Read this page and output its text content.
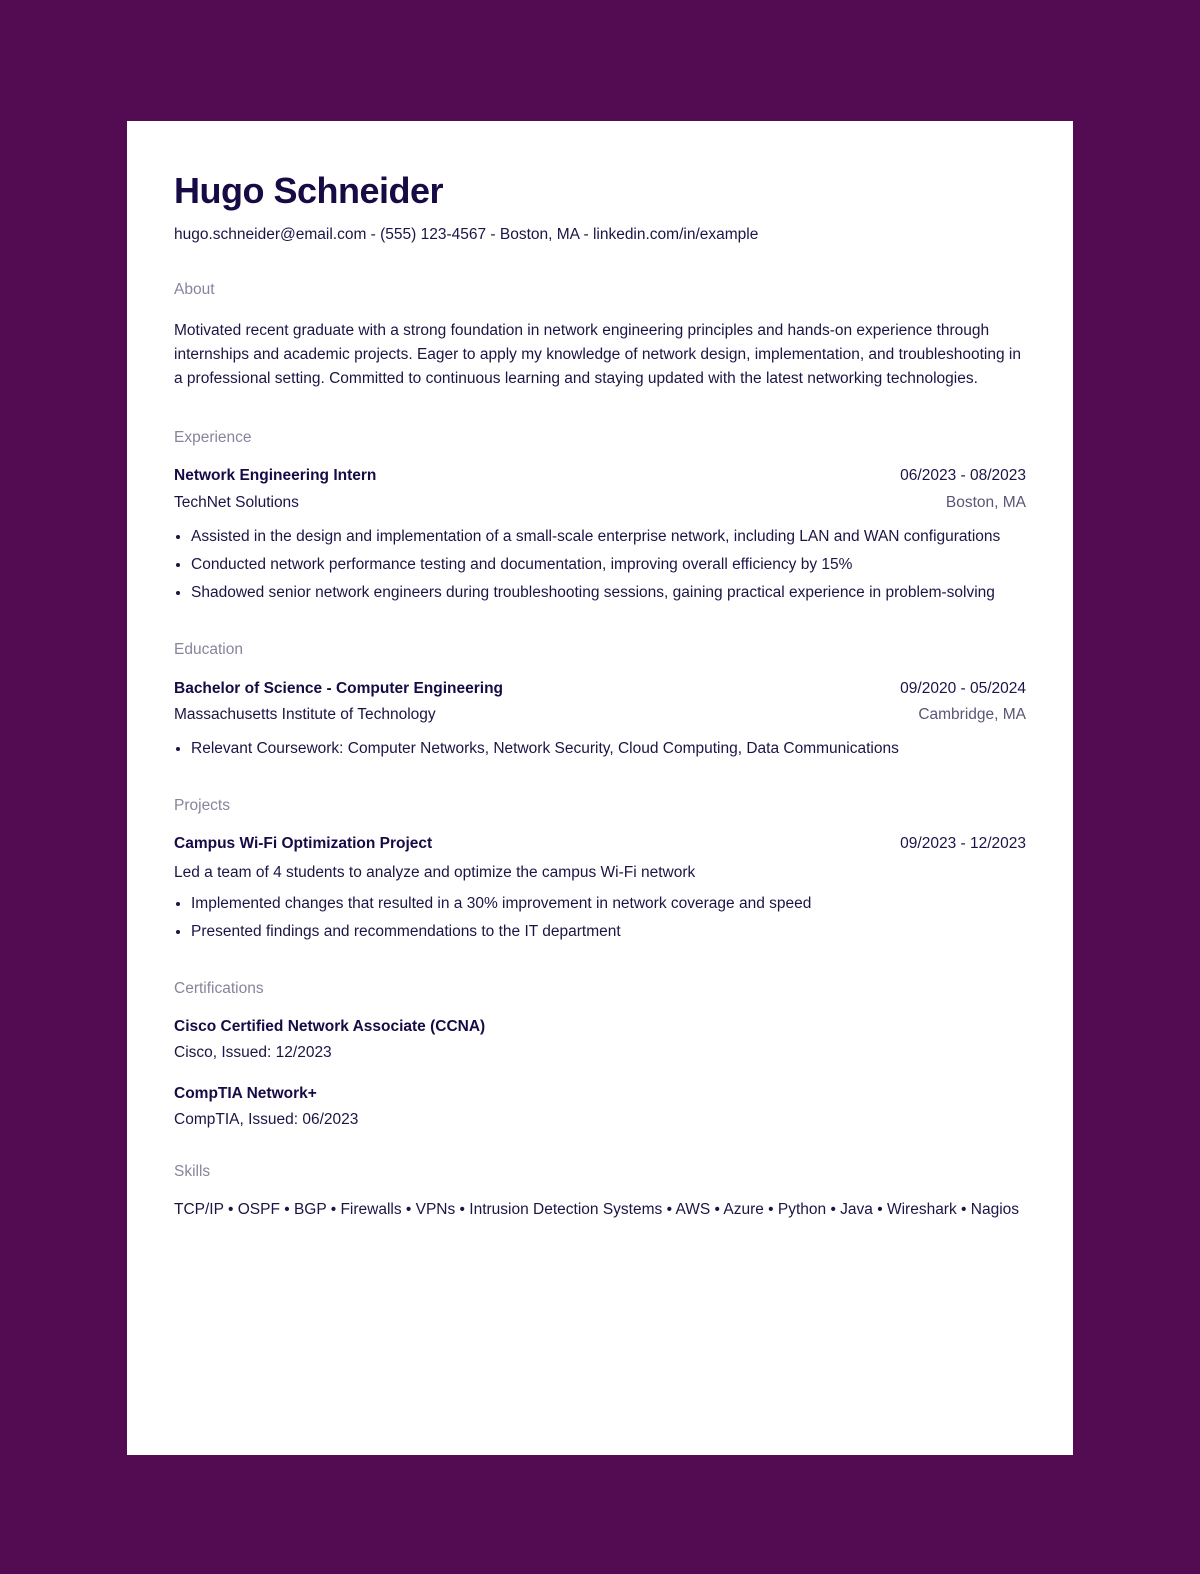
Hugo Schneider
hugo.schneider@email.com - (555) 123-4567 - Boston, MA - linkedin.com/in/example
About
Motivated recent graduate with a strong foundation in network engineering principles and hands-on experience through internships and academic projects. Eager to apply my knowledge of network design, implementation, and troubleshooting in a professional setting. Committed to continuous learning and staying updated with the latest networking technologies.
Experience
Network Engineering Intern	06/2023 - 08/2023
TechNet Solutions	Boston, MA
• Assisted in the design and implementation of a small-scale enterprise network, including LAN and WAN configurations
• Conducted network performance testing and documentation, improving overall efficiency by 15%
• Shadowed senior network engineers during troubleshooting sessions, gaining practical experience in problem-solving
Education
Bachelor of Science - Computer Engineering	09/2020 - 05/2024
Massachusetts Institute of Technology	Cambridge, MA
• Relevant Coursework: Computer Networks, Network Security, Cloud Computing, Data Communications
Projects
Campus Wi-Fi Optimization Project	09/2023 - 12/2023
Led a team of 4 students to analyze and optimize the campus Wi-Fi network
• Implemented changes that resulted in a 30% improvement in network coverage and speed
• Presented findings and recommendations to the IT department
Certifications
Cisco Certified Network Associate (CCNA)
Cisco, Issued: 12/2023
CompTIA Network+
CompTIA, Issued: 06/2023
Skills
TCP/IP • OSPF • BGP • Firewalls • VPNs • Intrusion Detection Systems • AWS • Azure • Python • Java • Wireshark • Nagios
